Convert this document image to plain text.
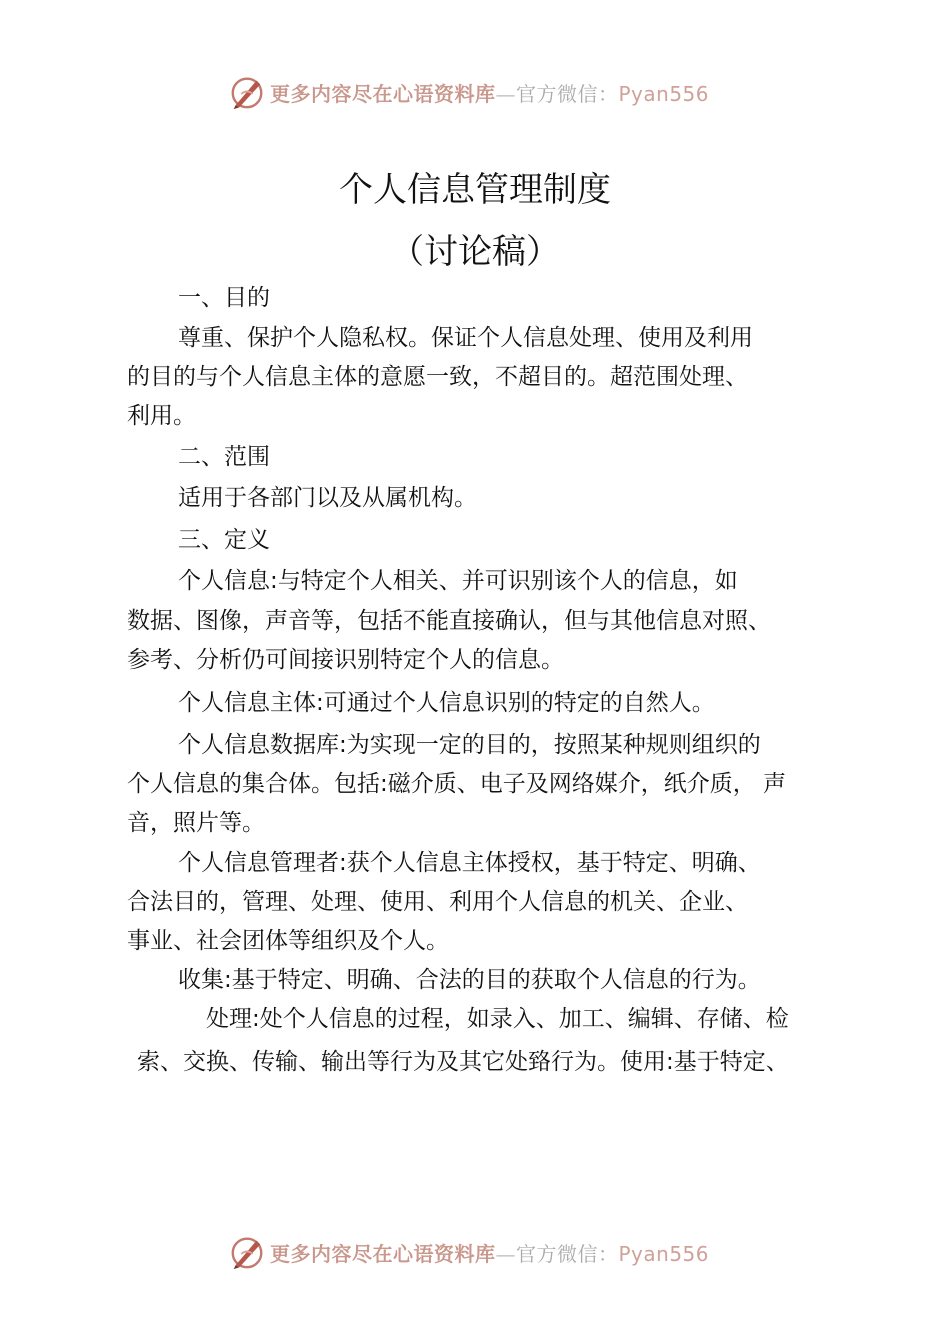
更多内容尽在心语资料库—官方微信：Pyan556
个人信息管理制度
（讨论稿）
一、目的
尊重、保护个人隐私权。保证个人信息处理、使用及利用
的目的与个人信息主体的意愿一致，不超目的。超范围处理、
利用。
二、范围
适用于各部门以及从属机构。
三、定义
个人信息:与特定个人相关、并可识别该个人的信息，如
数据、图像，声音等，包括不能直接确认，但与其他信息对照、
参考、分析仍可间接识别特定个人的信息。
个人信息主体:可通过个人信息识别的特定的自然人。
个人信息数据库:为实现一定的目的，按照某种规则组织的
个人信息的集合体。包括:磁介质、电子及网络媒介，纸介质， 声
音，照片等。
个人信息管理者:获个人信息主体授权，基于特定、明确、
合法目的，管理、处理、使用、利用个人信息的机关、企业、
事业、社会团体等组织及个人。
收集:基于特定、明确、合法的目的获取个人信息的行为。
处理:处个人信息的过程，如录入、加工、编辑、存储、检
索、交换、传输、输出等行为及其它处臵行为。使用:基于特定、
更多内容尽在心语资料库—官方微信：Pyan556
